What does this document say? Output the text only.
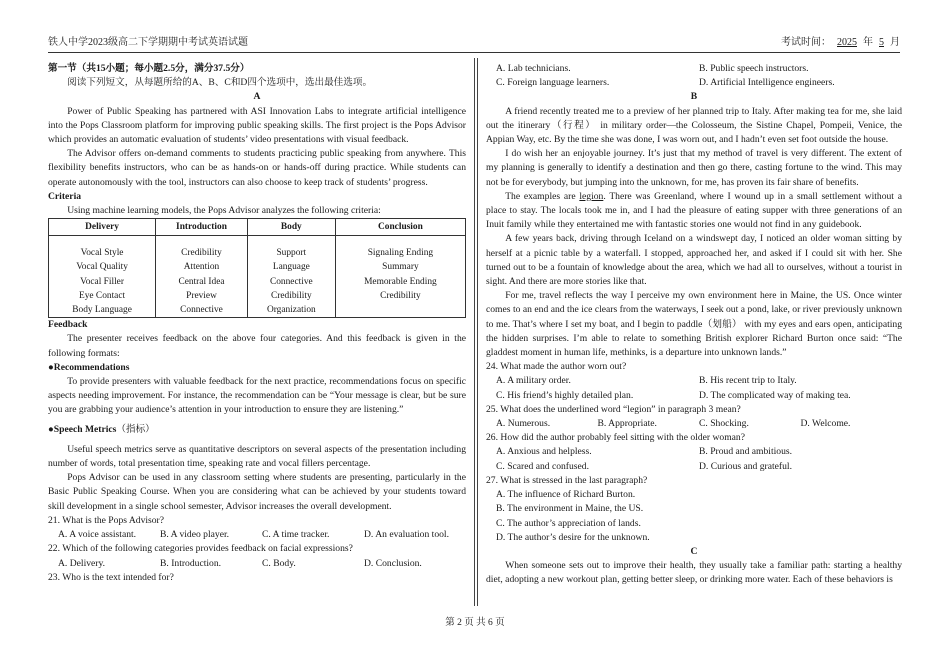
铁人中学2023级高二下学期期中考试英语试题	考试时间： 2025 年 5 月

第一节（共15小题；每小题2.5分，满分37.5分）

阅读下列短文，从每题所给的A、B、C和D四个选项中，选出最佳选项。

A

Power of Public Speaking has partnered with ASI Innovation Labs to integrate artificial intelligence into the Pops Classroom platform for improving public speaking skills. The first project is the Pops Advisor which provides an automatic evaluation of students’ video presentations with visual feedback.

The Advisor offers on-demand comments to students practicing public speaking from anywhere. This flexibility benefits instructors, who can be as hands-on or hands-off during practice. While students can operate autonomously with the tool, instructors can also choose to keep track of students’ progress.

Criteria

Using machine learning models, the Pops Advisor analyzes the following criteria:

Delivery	Introduction	Body	Conclusion

Vocal Style	Credibility	Support	Signaling Ending
Vocal Quality	Attention	Language	Summary
Vocal Filler	Central Idea	Connective	Memorable Ending
Eye Contact	Preview	Credibility	Credibility
Body Language	Connective	Organization	

Feedback

The presenter receives feedback on the above four categories. And this feedback is given in the following formats:

●Recommendations

To provide presenters with valuable feedback for the next practice, recommendations focus on specific aspects needing improvement. For instance, the recommendation can be “Your message is clear, but be sure you are grabbing your audience’s attention in your introduction to ensure they are listening.”

●Speech Metrics（指标）

Useful speech metrics serve as quantitative descriptors on several aspects of the presentation including number of words, total presentation time, speaking rate and vocal fillers percentage.

Pops Advisor can be used in any classroom setting where students are presenting, particularly in the Basic Public Speaking Course. When you are considering what can be achieved by your students toward skill development in a single school semester, Advisor increases the overall development.

21. What is the Pops Advisor?

A. A voice assistant.	B. A video player.	C. A time tracker.	D. An evaluation tool.

22. Which of the following categories provides feedback on facial expressions?

A. Delivery.	B. Introduction.	C. Body.	D. Conclusion.

23. Who is the text intended for?

A. Lab technicians.	B. Public speech instructors.
C. Foreign language learners.	D. Artificial Intelligence engineers.

B

A friend recently treated me to a preview of her planned trip to Italy. After making tea for me, she laid out the itinerary（行程） in military order—the Colosseum, the Sistine Chapel, Pompeii, Venice, the Appian Way, etc. By the time she was done, I was worn out, and I hadn’t even set foot outside the house.

I do wish her an enjoyable journey. It’s just that my method of travel is very different. The extent of my planning is generally to identify a destination and then go there, casting fortune to the wind. This may not be for everybody, but jumping into the unknown, for me, has proven its fair share of benefits.

The examples are legion. There was Greenland, where I wound up in a small settlement without a place to stay. The locals took me in, and I had the pleasure of eating supper with three generations of an Inuit family while they entertained me with fantastic stories one would not find in any guidebook.

A few years back, driving through Iceland on a windswept day, I noticed an older woman sitting by herself at a picnic table by a waterfall. I stopped, approached her, and asked if I could sit with her. She turned out to be a fountain of knowledge about the area, which we had all to ourselves, without a tourist in sight. And there are more stories like that.

For me, travel reflects the way I perceive my own environment here in Maine, the US. Once winter comes to an end and the ice clears from the waterways, I seek out a pond, lake, or river previously unknown to me. That’s where I set my boat, and I begin to paddle（划船） with my eyes and ears open, anticipating the hidden surprises. I’m able to relate to something British explorer Richard Burton once said: “The gladdest moment in human life, methinks, is a departure into unknown lands.”

24. What made the author worn out?

A. A military order.	B. His recent trip to Italy.
C. His friend’s highly detailed plan.	D. The complicated way of making tea.

25. What does the underlined word “legion” in paragraph 3 mean?

A. Numerous.	B. Appropriate.	C. Shocking.	D. Welcome.

26. How did the author probably feel sitting with the older woman?

A. Anxious and helpless.	B. Proud and ambitious.
C. Scared and confused.	D. Curious and grateful.

27. What is stressed in the last paragraph?

A. The influence of Richard Burton.

B. The environment in Maine, the US.

C. The author’s appreciation of lands.

D. The author’s desire for the unknown.

C

When someone sets out to improve their health, they usually take a familiar path: starting a healthy diet, adopting a new workout plan, getting better sleep, or drinking more water. Each of these behaviors is

第 2 页 共 6 页
